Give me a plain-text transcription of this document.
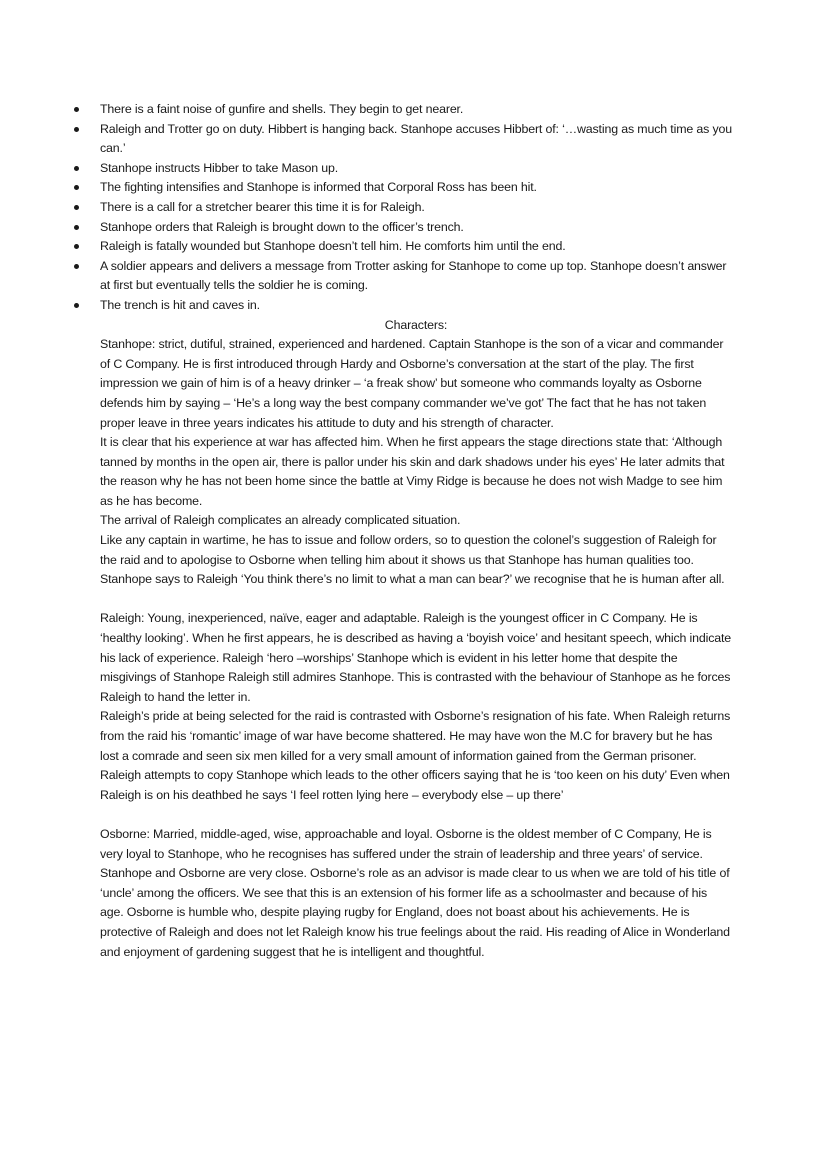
There is a faint noise of gunfire and shells. They begin to get nearer.
Raleigh and Trotter go on duty. Hibbert is hanging back. Stanhope accuses Hibbert of: ‘…wasting as much time as you can.’
Stanhope instructs Hibber to take Mason up.
The fighting intensifies and Stanhope is informed that Corporal Ross has been hit.
There is a call for a stretcher bearer this time it is for Raleigh.
Stanhope orders that Raleigh is brought down to the officer’s trench.
Raleigh is fatally wounded but Stanhope doesn’t tell him. He comforts him until the end.
A soldier appears and delivers a message from Trotter asking for Stanhope to come up top. Stanhope doesn’t answer at first but eventually tells the soldier he is coming.
The trench is hit and caves in.

Characters:

Stanhope: strict, dutiful, strained, experienced and hardened. Captain Stanhope is the son of a vicar and commander of C Company. He is first introduced through Hardy and Osborne’s conversation at the start of the play. The first impression we gain of him is of a heavy drinker – ‘a freak show’ but someone who commands loyalty as Osborne defends him by saying – ‘He’s a long way the best company commander we’ve got’ The fact that he has not taken proper leave in three years indicates his attitude to duty and his strength of character.

It is clear that his experience at war has affected him. When he first appears the stage directions state that: ‘Although tanned by months in the open air, there is pallor under his skin and dark shadows under his eyes’ He later admits that the reason why he has not been home since the battle at Vimy Ridge is because he does not wish Madge to see him as he has become.

The arrival of Raleigh complicates an already complicated situation.

Like any captain in wartime, he has to issue and follow orders, so to question the colonel’s suggestion of Raleigh for the raid and to apologise to Osborne when telling him about it shows us that Stanhope has human qualities too. Stanhope says to Raleigh ‘You think there’s no limit to what a man can bear?’ we recognise that he is human after all.

Raleigh: Young, inexperienced, naïve, eager and adaptable. Raleigh is the youngest officer in C Company. He is ‘healthy looking’. When he first appears, he is described as having a ‘boyish voice’ and hesitant speech, which indicate his lack of experience. Raleigh ‘hero –worships’ Stanhope which is evident in his letter home that despite the misgivings of Stanhope Raleigh still admires Stanhope. This is contrasted with the behaviour of Stanhope as he forces Raleigh to hand the letter in.

Raleigh’s pride at being selected for the raid is contrasted with Osborne’s resignation of his fate. When Raleigh returns from the raid his ‘romantic’ image of war have become shattered. He may have won the M.C for bravery but he has lost a comrade and seen six men killed for a very small amount of information gained from the German prisoner. Raleigh attempts to copy Stanhope which leads to the other officers saying that he is ‘too keen on his duty’ Even when Raleigh is on his deathbed he says ‘I feel rotten lying here – everybody else – up there’

Osborne: Married, middle-aged, wise, approachable and loyal. Osborne is the oldest member of C Company, He is very loyal to Stanhope, who he recognises has suffered under the strain of leadership and three years’ of service. Stanhope and Osborne are very close. Osborne’s role as an advisor is made clear to us when we are told of his title of ‘uncle’ among the officers. We see that this is an extension of his former life as a schoolmaster and because of his age. Osborne is humble who, despite playing rugby for England, does not boast about his achievements. He is protective of Raleigh and does not let Raleigh know his true feelings about the raid. His reading of Alice in Wonderland and enjoyment of gardening suggest that he is intelligent and thoughtful.
